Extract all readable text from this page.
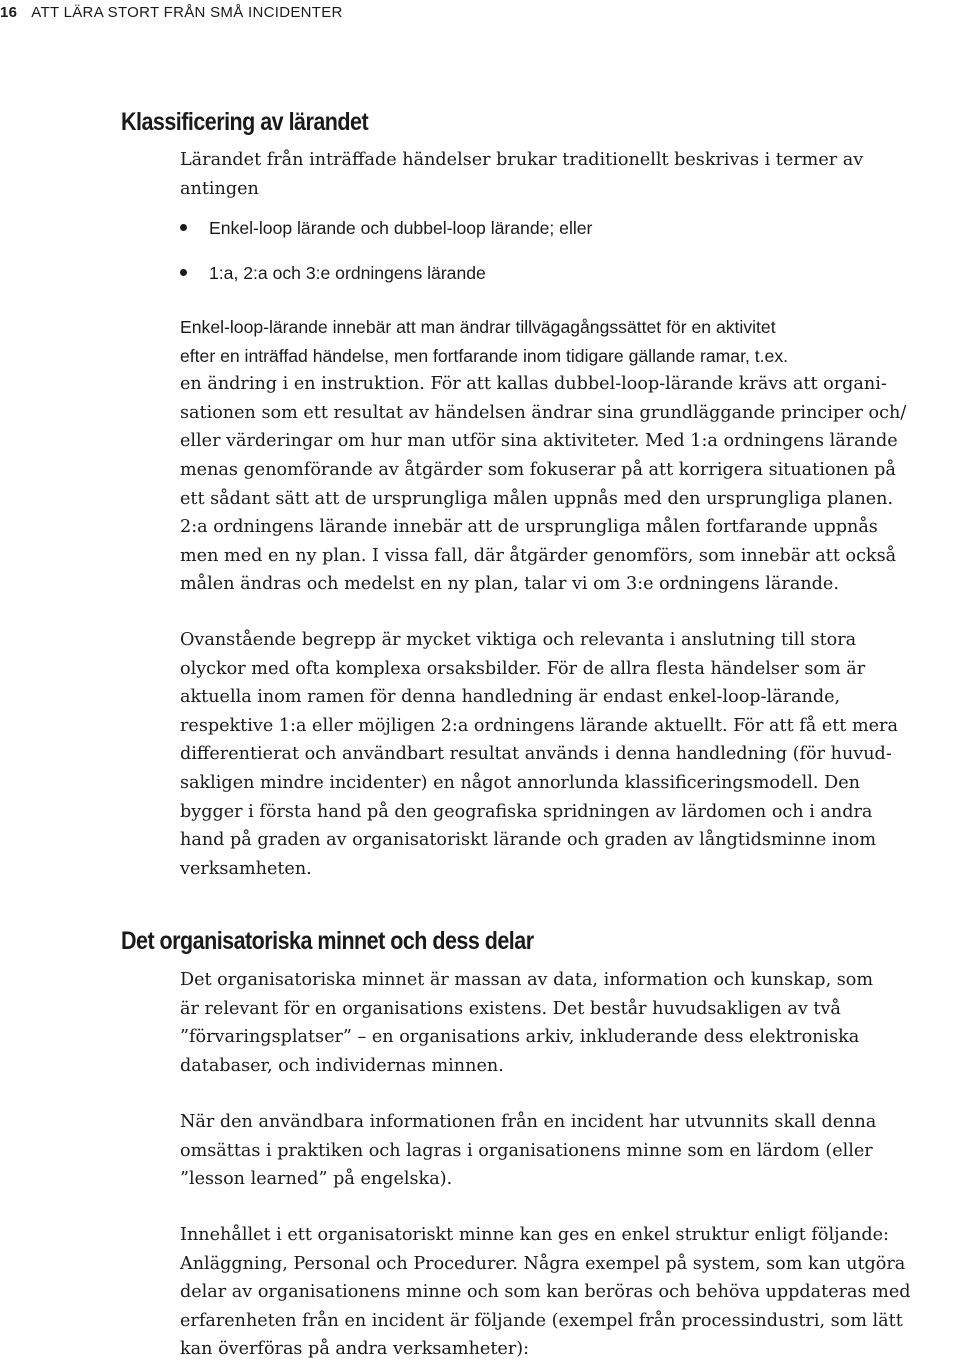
16 ATT LÄRA STORT FRÅN SMÅ INCIDENTER
Klassificering av lärandet
Lärandet från inträffade händelser brukar traditionellt beskrivas i termer av
antingen
Enkel-loop lärande och dubbel-loop lärande; eller
1:a, 2:a och 3:e ordningens lärande
Enkel-loop-lärande innebär att man ändrar tillvägagångssättet för en aktivitet
efter en inträffad händelse, men fortfarande inom tidigare gällande ramar, t.ex.
en ändring i en instruktion. För att kallas dubbel-loop-lärande krävs att organi-
sationen som ett resultat av händelsen ändrar sina grundläggande principer och/
eller värderingar om hur man utför sina aktiviteter. Med 1:a ordningens lärande
menas genomförande av åtgärder som fokuserar på att korrigera situationen på
ett sådant sätt att de ursprungliga målen uppnås med den ursprungliga planen.
2:a ordningens lärande innebär att de ursprungliga målen fortfarande uppnås
men med en ny plan. I vissa fall, där åtgärder genomförs, som innebär att också
målen ändras och medelst en ny plan, talar vi om 3:e ordningens lärande.
Ovanstående begrepp är mycket viktiga och relevanta i anslutning till stora
olyckor med ofta komplexa orsaksbilder. För de allra flesta händelser som är
aktuella inom ramen för denna handledning är endast enkel-loop-lärande,
respektive 1:a eller möjligen 2:a ordningens lärande aktuellt. För att få ett mera
differentierat och användbart resultat används i denna handledning (för huvud-
sakligen mindre incidenter) en något annorlunda klassificeringsmodell. Den
bygger i första hand på den geografiska spridningen av lärdomen och i andra
hand på graden av organisatoriskt lärande och graden av långtidsminne inom
verksamheten.
Det organisatoriska minnet och dess delar
Det organisatoriska minnet är massan av data, information och kunskap, som
är relevant för en organisations existens. Det består huvudsakligen av två
”förvaringsplatser” – en organisations arkiv, inkluderande dess elektroniska
databaser, och individernas minnen.
När den användbara informationen från en incident har utvunnits skall denna
omsättas i praktiken och lagras i organisationens minne som en lärdom (eller
”lesson learned” på engelska).
Innehållet i ett organisatoriskt minne kan ges en enkel struktur enligt följande:
Anläggning, Personal och Procedurer. Några exempel på system, som kan utgöra
delar av organisationens minne och som kan beröras och behöva uppdateras med
erfarenheten från en incident är följande (exempel från processindustri, som lätt
kan överföras på andra verksamheter):
